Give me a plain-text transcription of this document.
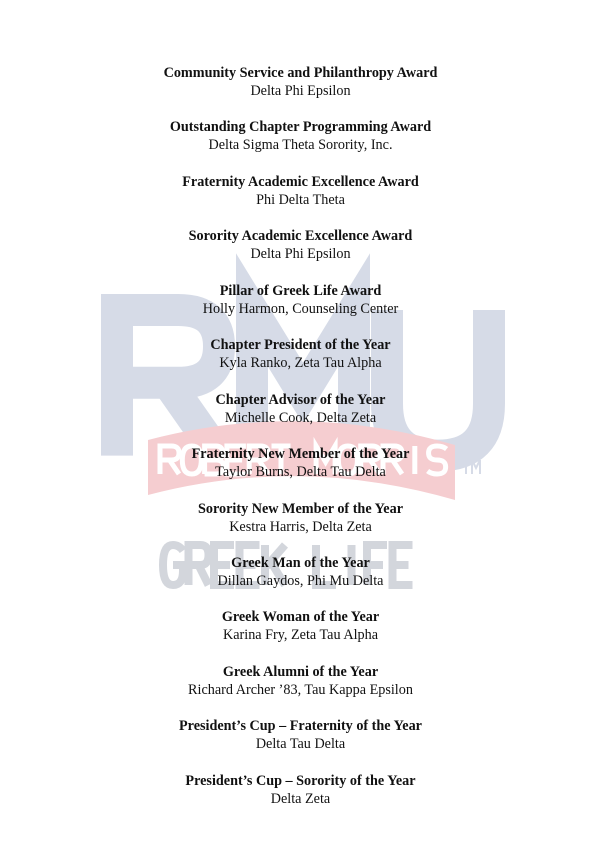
Community Service and Philanthropy Award
Delta Phi Epsilon
Outstanding Chapter Programming Award
Delta Sigma Theta Sorority, Inc.
Fraternity Academic Excellence Award
Phi Delta Theta
Sorority Academic Excellence Award
Delta Phi Epsilon
Pillar of Greek Life Award
Holly Harmon, Counseling Center
Chapter President of the Year
Kyla Ranko, Zeta Tau Alpha
Chapter Advisor of the Year
Michelle Cook, Delta Zeta
Fraternity New Member of the Year
Taylor Burns, Delta Tau Delta
Sorority New Member of the Year
Kestra Harris, Delta Zeta
Greek Man of the Year
Dillan Gaydos, Phi Mu Delta
Greek Woman of the Year
Karina Fry, Zeta Tau Alpha
Greek Alumni of the Year
Richard Archer ’83, Tau Kappa Epsilon
President’s Cup – Fraternity of the Year
Delta Tau Delta
President’s Cup – Sorority of the Year
Delta Zeta
